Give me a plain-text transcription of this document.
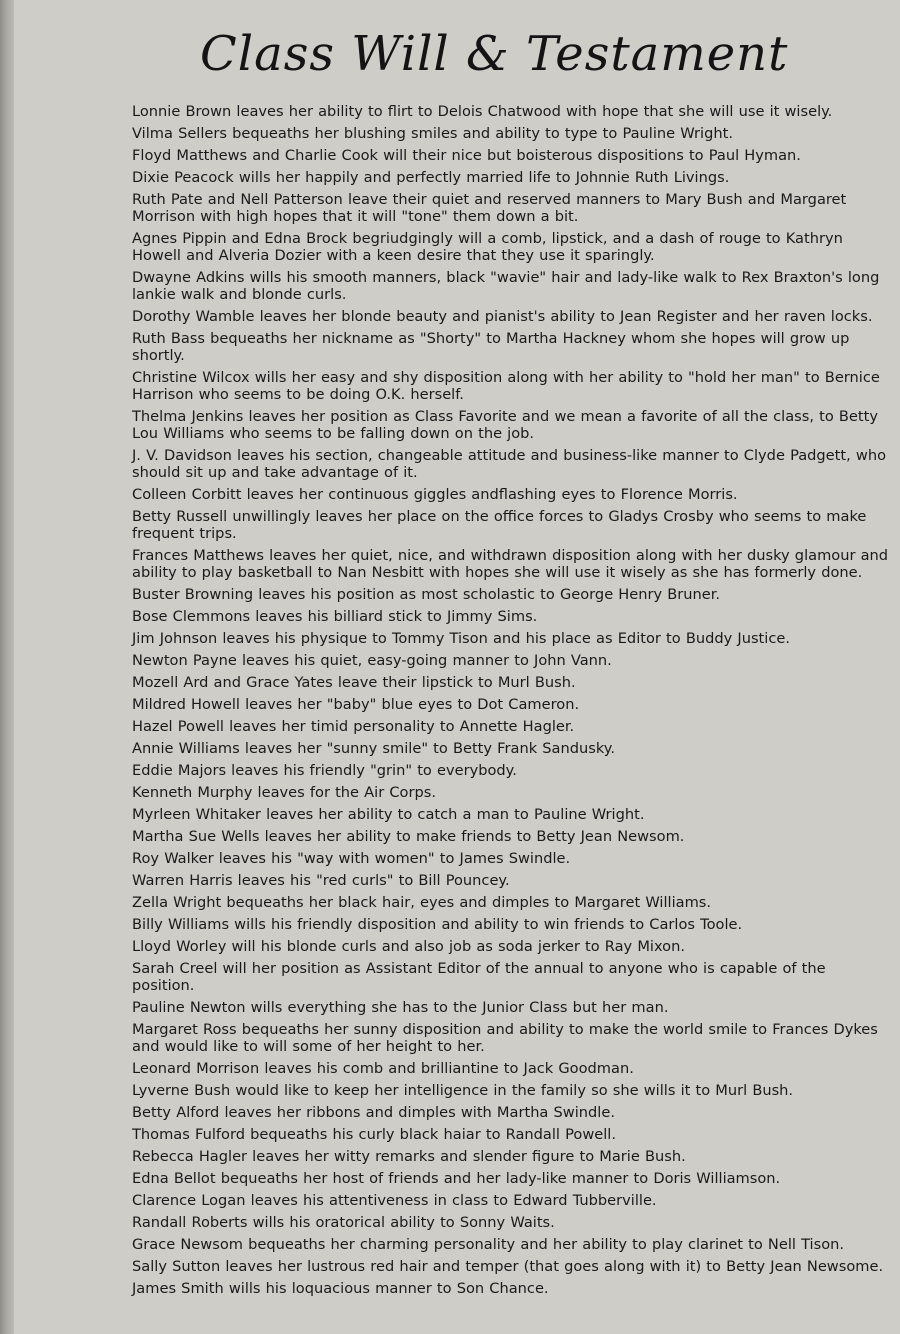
Class Will & Testament
Lonnie Brown leaves her ability to flirt to Delois Chatwood with hope that she will use it wisely.
Vilma Sellers bequeaths her blushing smiles and ability to type to Pauline Wright.
Floyd Matthews and Charlie Cook will their nice but boisterous dispositions to Paul Hyman.
Dixie Peacock wills her happily and perfectly married life to Johnnie Ruth Livings.
Ruth Pate and Nell Patterson leave their quiet and reserved manners to Mary Bush and Margaret Morrison with high hopes that it will "tone" them down a bit.
Agnes Pippin and Edna Brock begriudgingly will a comb, lipstick, and a dash of rouge to Kathryn Howell and Alveria Dozier with a keen desire that they use it sparingly.
Dwayne Adkins wills his smooth manners, black "wavie" hair and lady-like walk to Rex Braxton's long lankie walk and blonde curls.
Dorothy Wamble leaves her blonde beauty and pianist's ability to Jean Register and her raven locks.
Ruth Bass bequeaths her nickname as "Shorty" to Martha Hackney whom she hopes will grow up shortly.
Christine Wilcox wills her easy and shy disposition along with her ability to "hold her man" to Bernice Harrison who seems to be doing O.K. herself.
Thelma Jenkins leaves her position as Class Favorite and we mean a favorite of all the class, to Betty Lou Williams who seems to be falling down on the job.
J. V. Davidson leaves his section, changeable attitude and business-like manner to Clyde Padgett, who should sit up and take advantage of it.
Colleen Corbitt leaves her continuous giggles andflashing eyes to Florence Morris.
Betty Russell unwillingly leaves her place on the office forces to Gladys Crosby who seems to make frequent trips.
Frances Matthews leaves her quiet, nice, and withdrawn disposition along with her dusky glamour and ability to play basketball to Nan Nesbitt with hopes she will use it wisely as she has formerly done.
Buster Browning leaves his position as most scholastic to George Henry Bruner.
Bose Clemmons leaves his billiard stick to Jimmy Sims.
Jim Johnson leaves his physique to Tommy Tison and his place as Editor to Buddy Justice.
Newton Payne leaves his quiet, easy-going manner to John Vann.
Mozell Ard and Grace Yates leave their lipstick to Murl Bush.
Mildred Howell leaves her "baby" blue eyes to Dot Cameron.
Hazel Powell leaves her timid personality to Annette Hagler.
Annie Williams leaves her "sunny smile" to Betty Frank Sandusky.
Eddie Majors leaves his friendly "grin" to everybody.
Kenneth Murphy leaves for the Air Corps.
Myrleen Whitaker leaves her ability to catch a man to Pauline Wright.
Martha Sue Wells leaves her ability to make friends to Betty Jean Newsom.
Roy Walker leaves his "way with women" to James Swindle.
Warren Harris leaves his "red curls" to Bill Pouncey.
Zella Wright bequeaths her black hair, eyes and dimples to Margaret Williams.
Billy Williams wills his friendly disposition and ability to win friends to Carlos Toole.
Lloyd Worley will his blonde curls and also job as soda jerker to Ray Mixon.
Sarah Creel will her position as Assistant Editor of the annual to anyone who is capable of the position.
Pauline Newton wills everything she has to the Junior Class but her man.
Margaret Ross bequeaths her sunny disposition and ability to make the world smile to Frances Dykes and would like to will some of her height to her.
Leonard Morrison leaves his comb and brilliantine to Jack Goodman.
Lyverne Bush would like to keep her intelligence in the family so she wills it to Murl Bush.
Betty Alford leaves her ribbons and dimples with Martha Swindle.
Thomas Fulford bequeaths his curly black haiar to Randall Powell.
Rebecca Hagler leaves her witty remarks and slender figure to Marie Bush.
Edna Bellot bequeaths her host of friends and her lady-like manner to Doris Williamson.
Clarence Logan leaves his attentiveness in class to Edward Tubberville.
Randall Roberts wills his oratorical ability to Sonny Waits.
Grace Newsom bequeaths her charming personality and her ability to play clarinet to Nell Tison.
Sally Sutton leaves her lustrous red hair and temper (that goes along with it) to Betty Jean Newsome.
James Smith wills his loquacious manner to Son Chance.
